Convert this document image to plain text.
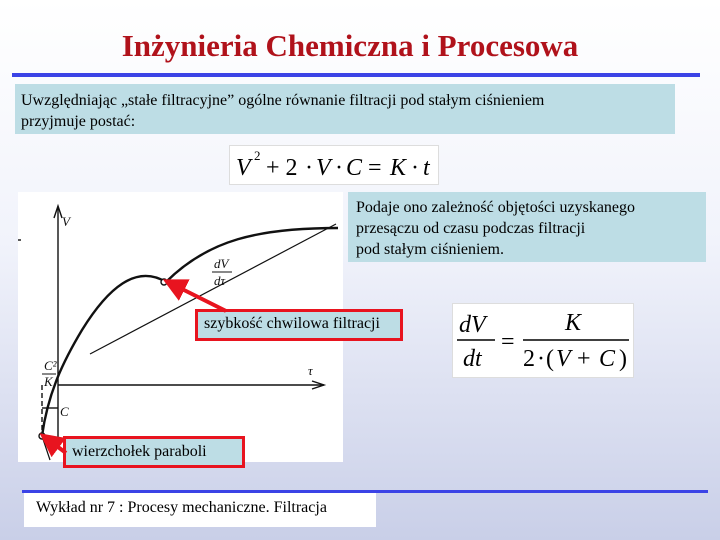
Inżynieria Chemiczna i Procesowa
Uwzględniając „stałe filtracyjne” ogólne równanie filtracji pod stałym ciśnieniem
przyjmuje postać:
V 2 + 2 · V · C = K · t
V
τ
dV
dτ
C
C²
K
Podaje ono zależność objętości uzyskanego
przesączu od czasu podczas filtracji
pod stałym ciśnieniem.
szybkość chwilowa filtracji
wierzchołek paraboli
dV
dt
=
K
2 · ( V + C )
Wykład nr 7 : Procesy mechaniczne. Filtracja
